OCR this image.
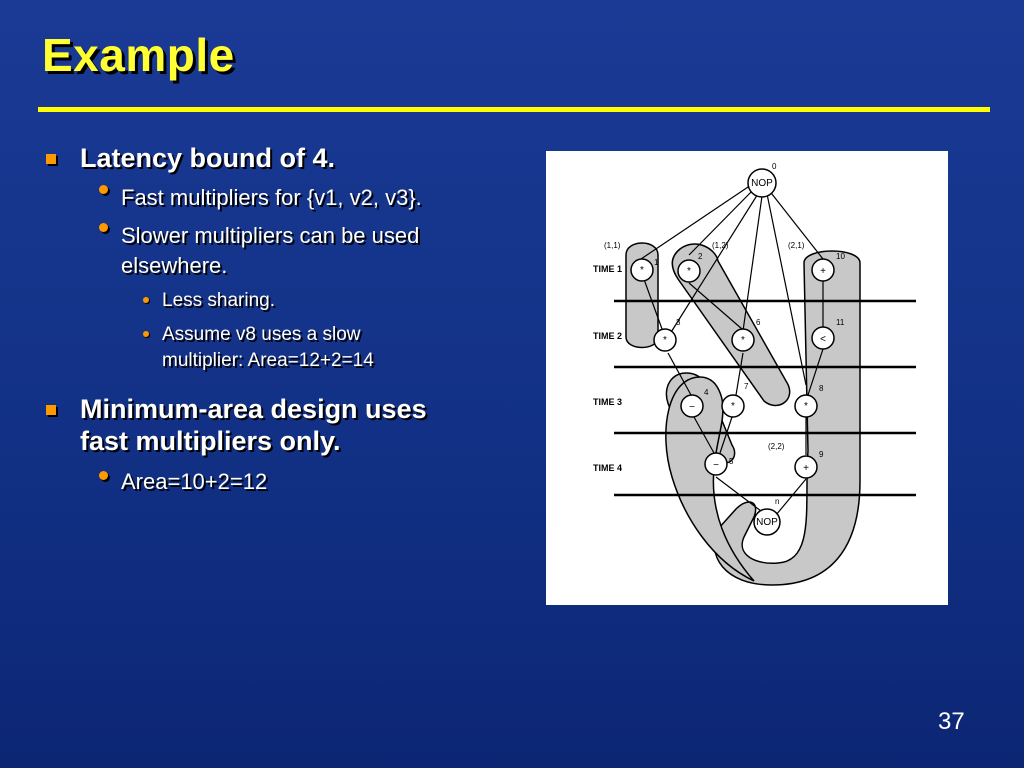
Example
Latency bound of 4.
Fast multipliers for {v1, v2, v3}.
Slower multipliers can be used
elsewhere.
Less sharing.
Assume v8 uses a slow
multiplier: Area=12+2=14
Minimum-area design uses
fast multipliers only.
Area=10+2=12
(1,1)	(1,2)	(2,1)
(2,2)
TIME 1
TIME 2
TIME 3
TIME 4
NOP
0
*
1
*
2
+
10
*
3
*
6
<
11
−
4
*
7
*
8
− 5
+
9
NOP
n
37
